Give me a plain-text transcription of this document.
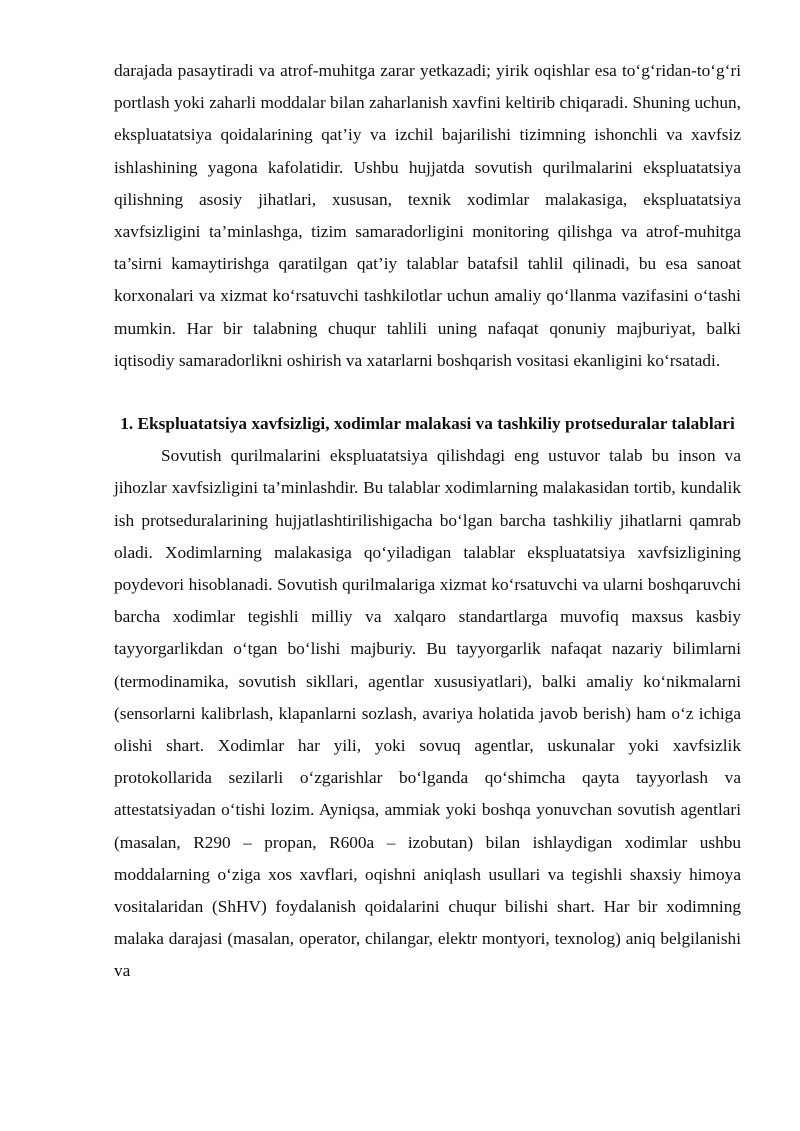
darajada pasaytiradi va atrof-muhitga zarar yetkazadi; yirik oqishlar esa to‘g‘ridan-to‘g‘ri portlash yoki zaharli moddalar bilan zaharlanish xavfini keltirib chiqaradi. Shuning uchun, ekspluatatsiya qoidalarining qat’iy va izchil bajarilishi tizimning ishonchli va xavfsiz ishlashining yagona kafolatidir. Ushbu hujjatda sovutish qurilmalarini ekspluatatsiya qilishning asosiy jihatlari, xususan, texnik xodimlar malakasiga, ekspluatatsiya xavfsizligini ta’minlashga, tizim samaradorligini monitoring qilishga va atrof-muhitga ta’sirni kamaytirishga qaratilgan qat’iy talablar batafsil tahlil qilinadi, bu esa sanoat korxonalari va xizmat ko‘rsatuvchi tashkilotlar uchun amaliy qo‘llanma vazifasini o‘tashi mumkin. Har bir talabning chuqur tahlili uning nafaqat qonuniy majburiyat, balki iqtisodiy samaradorlikni oshirish va xatarlarni boshqarish vositasi ekanligini ko‘rsatadi.

1. Ekspluatatsiya xavfsizligi, xodimlar malakasi va tashkiliy protseduralar talablari

Sovutish qurilmalarini ekspluatatsiya qilishdagi eng ustuvor talab bu inson va jihozlar xavfsizligini ta’minlashdir. Bu talablar xodimlarning malakasidan tortib, kundalik ish protseduralarining hujjatlashtirilishigacha bo‘lgan barcha tashkiliy jihatlarni qamrab oladi. Xodimlarning malakasiga qo‘yiladigan talablar ekspluatatsiya xavfsizligining poydevori hisoblanadi. Sovutish qurilmalariga xizmat ko‘rsatuvchi va ularni boshqaruvchi barcha xodimlar tegishli milliy va xalqaro standartlarga muvofiq maxsus kasbiy tayyorgarlikdan o‘tgan bo‘lishi majburiy. Bu tayyorgarlik nafaqat nazariy bilimlarni (termodinamika, sovutish sikllari, agentlar xususiyatlari), balki amaliy ko‘nikmalarni (sensorlarni kalibrlash, klapanlarni sozlash, avariya holatida javob berish) ham o‘z ichiga olishi shart. Xodimlar har yili, yoki sovuq agentlar, uskunalar yoki xavfsizlik protokollarida sezilarli o‘zgarishlar bo‘lganda qo‘shimcha qayta tayyorlash va attestatsiyadan o‘tishi lozim. Ayniqsa, ammiak yoki boshqa yonuvchan sovutish agentlari (masalan, R290 – propan, R600a – izobutan) bilan ishlaydigan xodimlar ushbu moddalarning o‘ziga xos xavflari, oqishni aniqlash usullari va tegishli shaxsiy himoya vositalaridan (ShHV) foydalanish qoidalarini chuqur bilishi shart. Har bir xodimning malaka darajasi (masalan, operator, chilangar, elektr montyori, texnolog) aniq belgilanishi va
